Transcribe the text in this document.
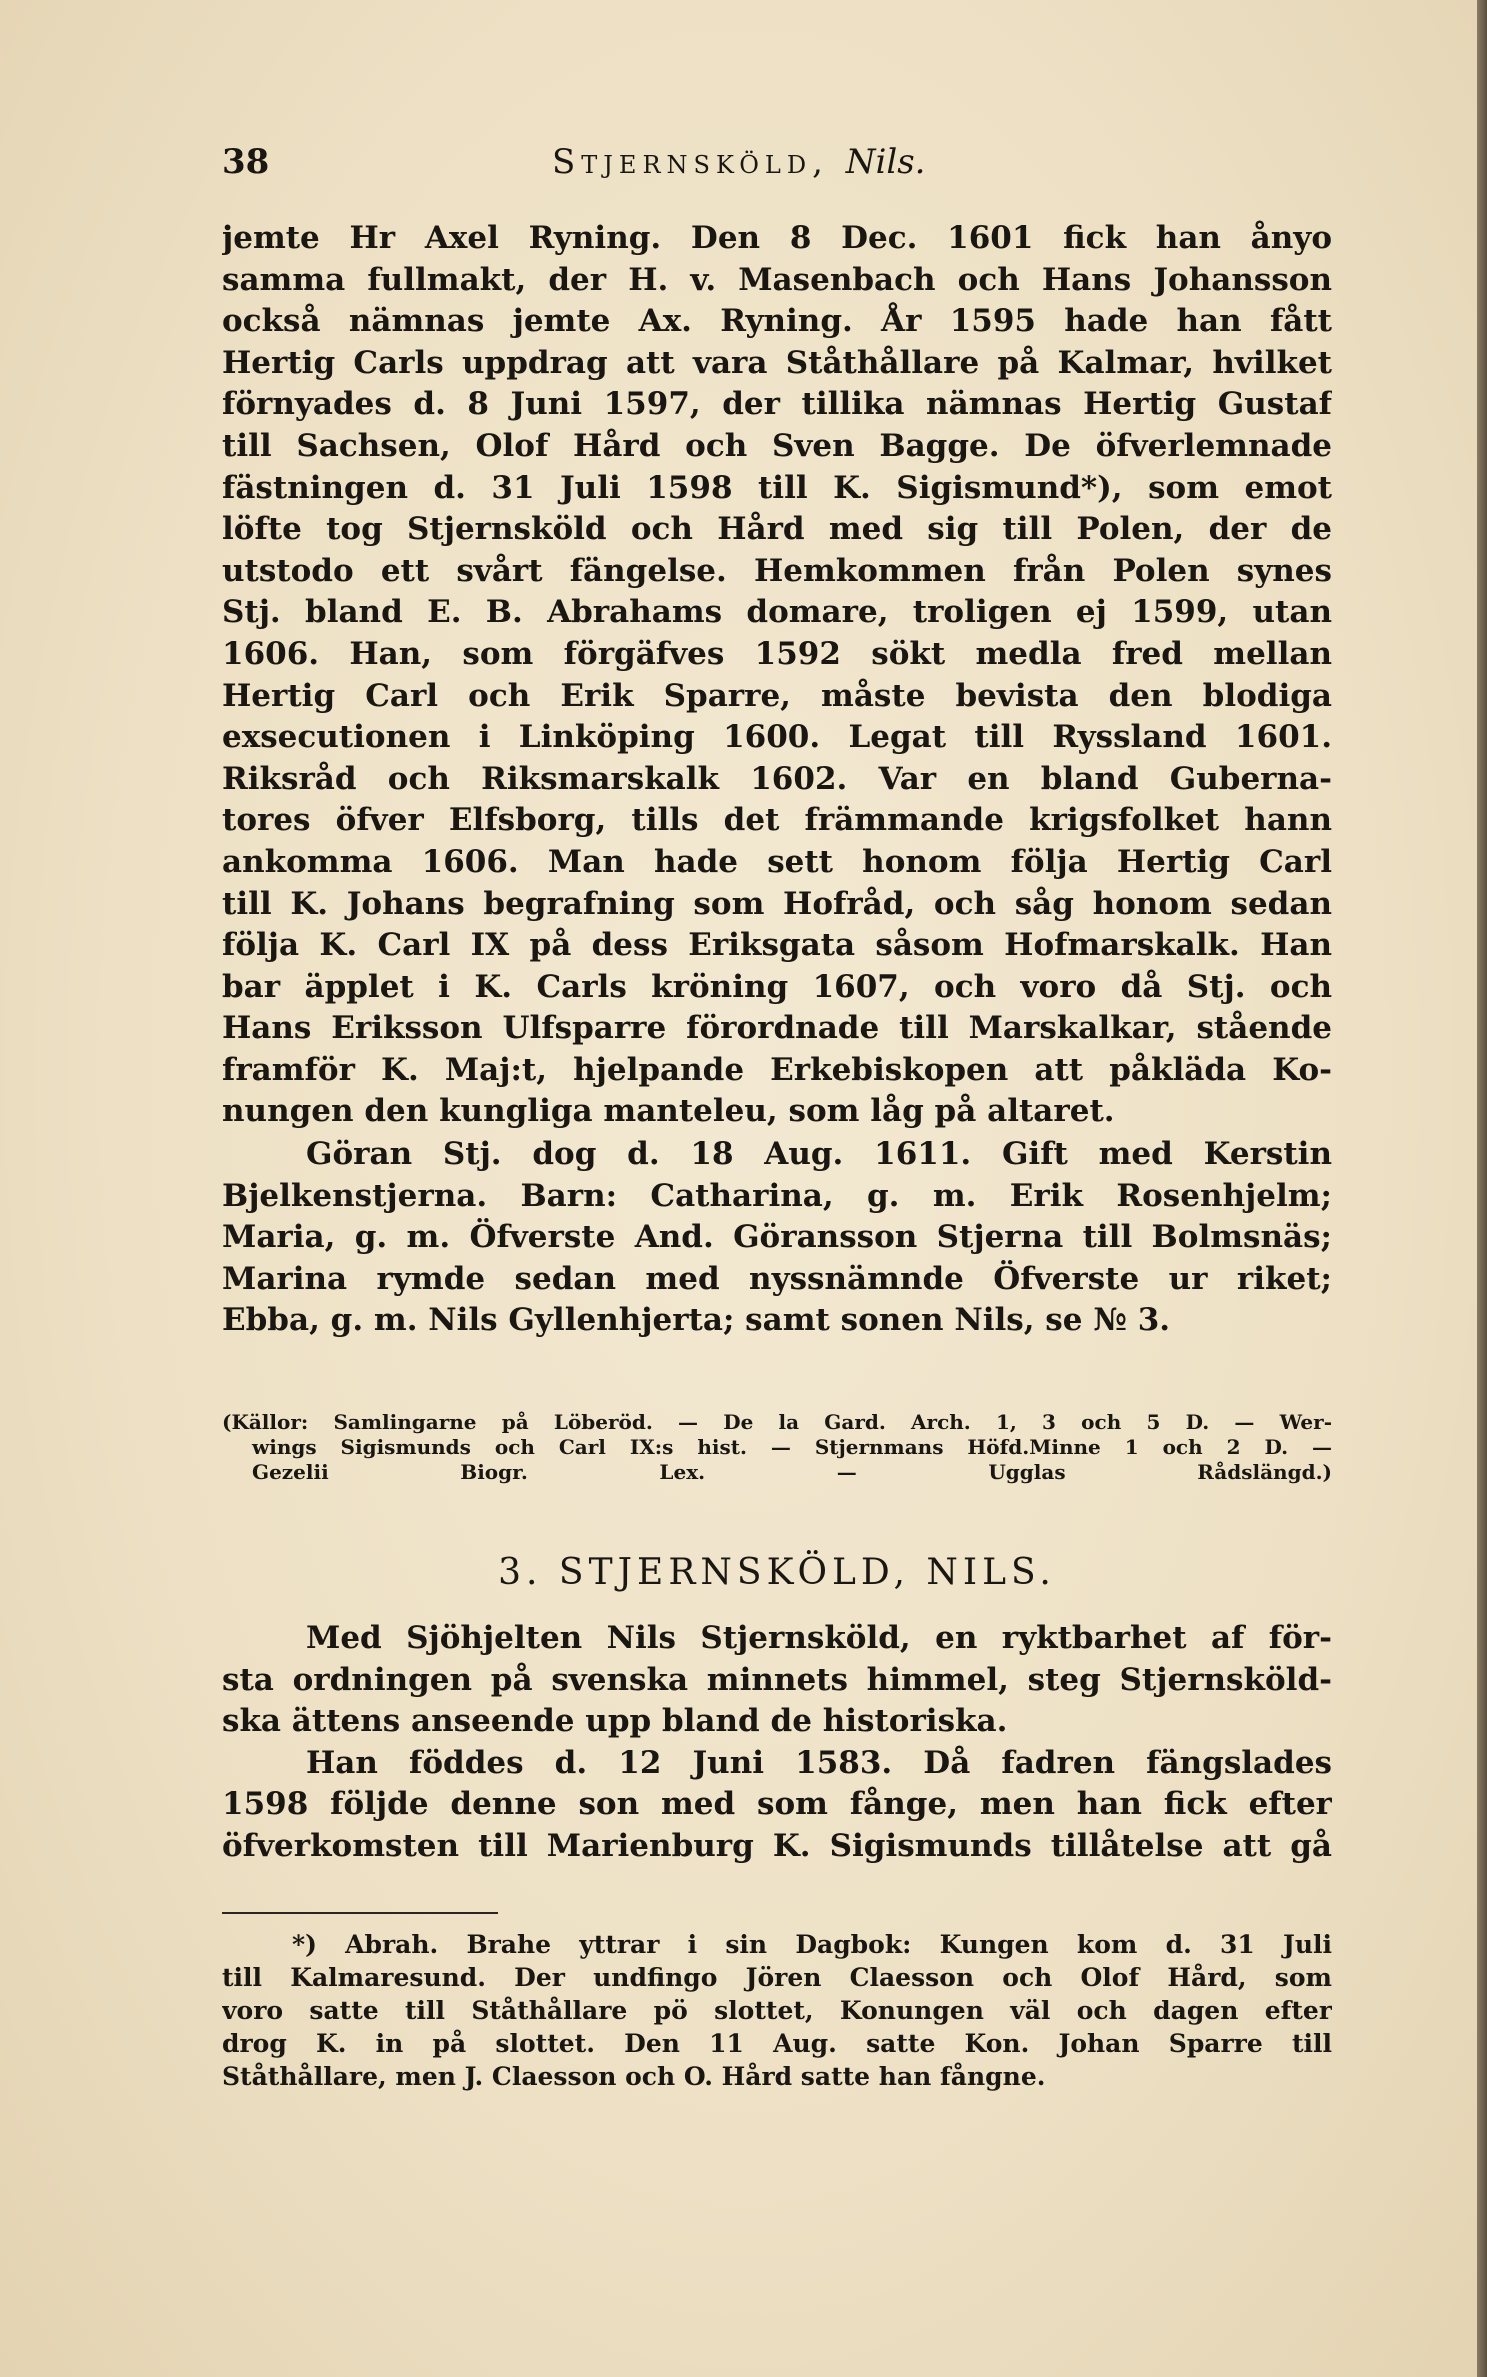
38	Stjernsköld, Nils.
jemte Hr Axel Ryning. Den 8 Dec. 1601 fick han ånyo
samma fullmakt, der H. v. Masenbach och Hans Johansson
också nämnas jemte Ax. Ryning. År 1595 hade han fått
Hertig Carls uppdrag att vara Ståthållare på Kalmar, hvilket
förnyades d. 8 Juni 1597, der tillika nämnas Hertig Gustaf
till Sachsen, Olof Hård och Sven Bagge. De öfverlemnade
fästningen d. 31 Juli 1598 till K. Sigismund*), som emot
löfte tog Stjernsköld och Hård med sig till Polen, der de
utstodo ett svårt fängelse. Hemkommen från Polen synes
Stj. bland E. B. Abrahams domare, troligen ej 1599, utan
1606. Han, som förgäfves 1592 sökt medla fred mellan
Hertig Carl och Erik Sparre, måste bevista den blodiga
exsecutionen i Linköping 1600. Legat till Ryssland 1601.
Riksråd och Riksmarskalk 1602. Var en bland Guberna-
tores öfver Elfsborg, tills det främmande krigsfolket hann
ankomma 1606. Man hade sett honom följa Hertig Carl
till K. Johans begrafning som Hofråd, och såg honom sedan
följa K. Carl IX på dess Eriksgata såsom Hofmarskalk. Han
bar äpplet i K. Carls kröning 1607, och voro då Stj. och
Hans Eriksson Ulfsparre förordnade till Marskalkar, stående
framför K. Maj:t, hjelpande Erkebiskopen att påkläda Ko-
nungen den kungliga manteleu, som låg på altaret.
Göran Stj. dog d. 18 Aug. 1611. Gift med Kerstin
Bjelkenstjerna. Barn: Catharina, g. m. Erik Rosenhjelm;
Maria, g. m. Öfverste And. Göransson Stjerna till Bolmsnäs;
Marina rymde sedan med nyssnämnde Öfverste ur riket;
Ebba, g. m. Nils Gyllenhjerta; samt sonen Nils, se № 3.
(Källor: Samlingarne på Löberöd. — De la Gard. Arch. 1, 3 och 5 D. — Wer-
wings Sigismunds och Carl IX:s hist. — Stjernmans Höfd.Minne 1 och 2 D. —
Gezelii Biogr. Lex. — Ugglas Rådslängd.)
3. STJERNSKÖLD, NILS.
Med Sjöhjelten Nils Stjernsköld, en ryktbarhet af för-
sta ordningen på svenska minnets himmel, steg Stjernsköld-
ska ättens anseende upp bland de historiska.
Han föddes d. 12 Juni 1583. Då fadren fängslades
1598 följde denne son med som fånge, men han fick efter
öfverkomsten till Marienburg K. Sigismunds tillåtelse att gå
*) Abrah. Brahe yttrar i sin Dagbok: Kungen kom d. 31 Juli
till Kalmaresund. Der undfingo Jören Claesson och Olof Hård, som
voro satte till Ståthållare pö slottet, Konungen väl och dagen efter
drog K. in på slottet. Den 11 Aug. satte Kon. Johan Sparre till
Ståthållare, men J. Claesson och O. Hård satte han fångne.
